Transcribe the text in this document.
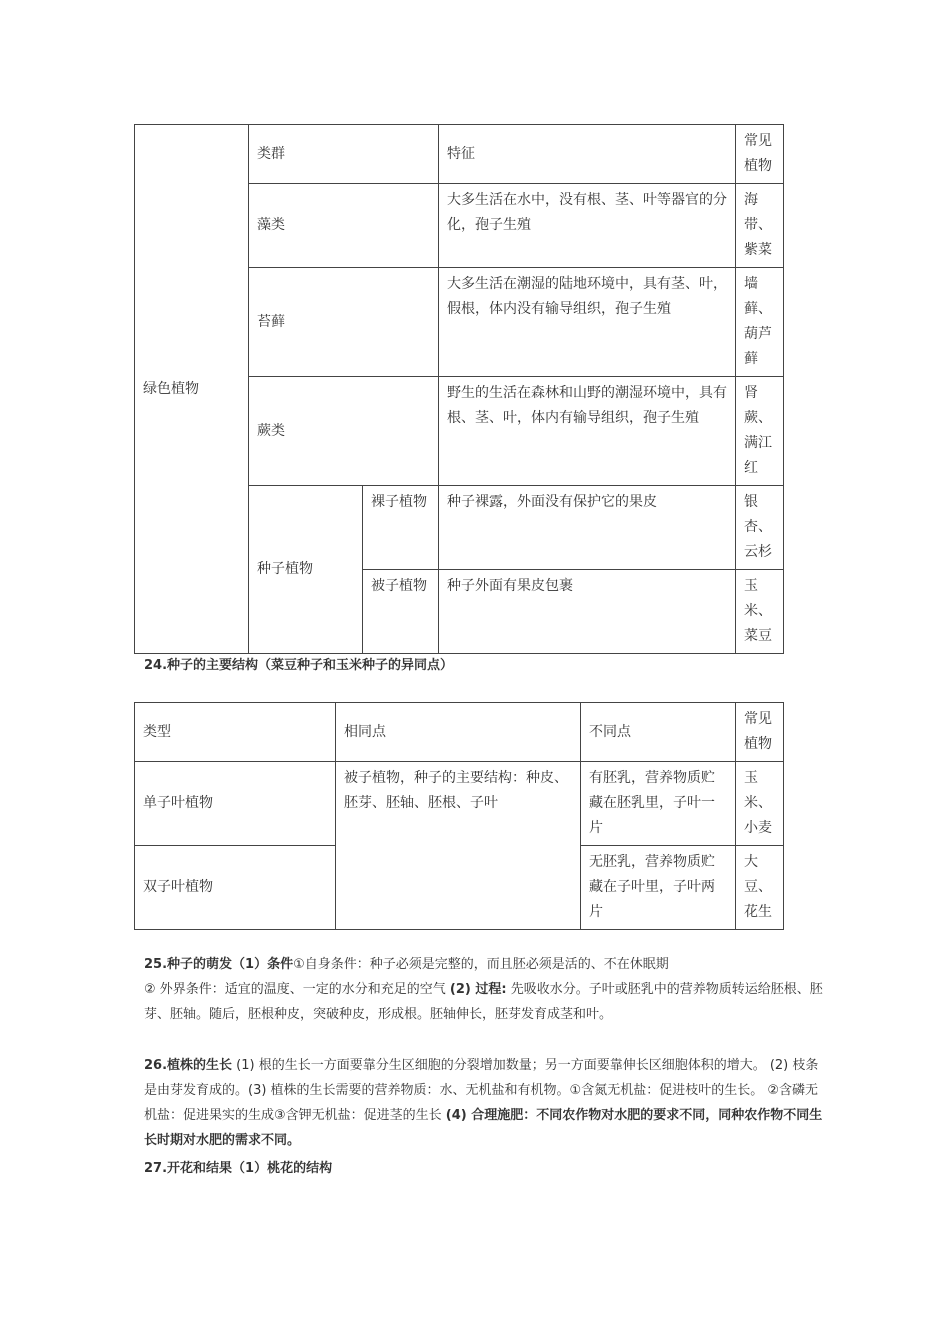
绿色植物	类群		特征	常见植物
	藻类		大多生活在水中，没有根、茎、叶等器官的分化，孢子生殖	海带、紫菜
	苔藓		大多生活在潮湿的陆地环境中，具有茎、叶，假根，体内没有输导组织，孢子生殖	墙藓、葫芦藓
	蕨类		野生的生活在森林和山野的潮湿环境中，具有根、茎、叶，体内有输导组织，孢子生殖	肾蕨、满江红
	种子植物	裸子植物	种子裸露，外面没有保护它的果皮	银杏、云杉
		被子植物	种子外面有果皮包裹	玉米、菜豆
24.种子的主要结构（菜豆种子和玉米种子的异同点）
类型	相同点	不同点	常见植物
单子叶植物	被子植物，种子的主要结构：种皮、胚芽、胚轴、胚根、子叶	有胚乳，营养物质贮藏在胚乳里，子叶一片	玉米、小麦
双子叶植物		无胚乳，营养物质贮藏在子叶里，子叶两片	大豆、花生
25.种子的萌发（1）条件①自身条件：种子必须是完整的，而且胚必须是活的、不在休眠期
② 外界条件：适宜的温度、一定的水分和充足的空气 (2) 过程: 先吸收水分。子叶或胚乳中的营养物质转运给胚根、胚芽、胚轴。随后，胚根种皮，突破种皮，形成根。胚轴伸长，胚芽发育成茎和叶。
26.植株的生长 (1) 根的生长一方面要靠分生区细胞的分裂增加数量；另一方面要靠伸长区细胞体积的增大。 (2) 枝条是由芽发育成的。(3) 植株的生长需要的营养物质：水、无机盐和有机物。①含氮无机盐：促进枝叶的生长。 ②含磷无机盐：促进果实的生成③含钾无机盐：促进茎的生长 (4) 合理施肥：不同农作物对水肥的要求不同，同种农作物不同生长时期对水肥的需求不同。
27.开花和结果（1）桃花的结构
